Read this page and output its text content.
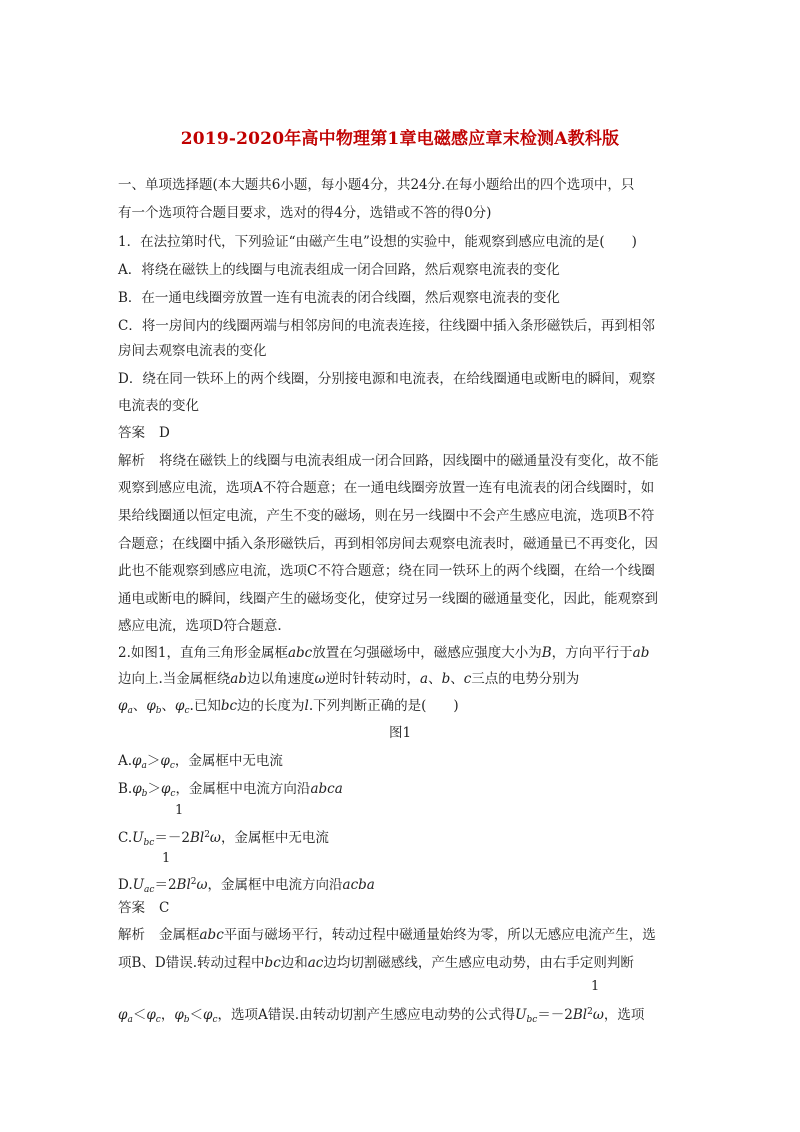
2019-2020年高中物理第1章电磁感应章末检测A教科版
一、单项选择题(本大题共6小题，每小题4分，共24分.在每小题给出的四个选项中，只
有一个选项符合题目要求，选对的得4分，选错或不答的得0分)
1．在法拉第时代，下列验证“由磁产生电”设想的实验中，能观察到感应电流的是(　　)
A．将绕在磁铁上的线圈与电流表组成一闭合回路，然后观察电流表的变化
B．在一通电线圈旁放置一连有电流表的闭合线圈，然后观察电流表的变化
C．将一房间内的线圈两端与相邻房间的电流表连接，往线圈中插入条形磁铁后，再到相邻
房间去观察电流表的变化
D．绕在同一铁环上的两个线圈，分别接电源和电流表，在给线圈通电或断电的瞬间，观察
电流表的变化
答案 D
解析 将绕在磁铁上的线圈与电流表组成一闭合回路，因线圈中的磁通量没有变化，故不能
观察到感应电流，选项A不符合题意；在一通电线圈旁放置一连有电流表的闭合线圈时，如
果给线圈通以恒定电流，产生不变的磁场，则在另一线圈中不会产生感应电流，选项B不符
合题意；在线圈中插入条形磁铁后，再到相邻房间去观察电流表时，磁通量已不再变化，因
此也不能观察到感应电流，选项C不符合题意；绕在同一铁环上的两个线圈，在给一个线圈
通电或断电的瞬间，线圈产生的磁场变化，使穿过另一线圈的磁通量变化，因此，能观察到
感应电流，选项D符合题意.
2.如图1，直角三角形金属框abc放置在匀强磁场中，磁感应强度大小为B，方向平行于ab
边向上.当金属框绕ab边以角速度ω逆时针转动时，a、b、c三点的电势分别为
$\varphi_a$、$\varphi_b$、$\varphi_c$.已知bc边的长度为l.下列判断正确的是(　　)
图1
$A.\varphi_a>\varphi_c$，金属框中无电流
$B.\varphi_b>\varphi_c$，金属框中电流方向沿abca
1
$C.U_{bc}=-2Bl^2\omega$，金属框中无电流
1
$D.U_{ac}=2Bl^2\omega$，金属框中电流方向沿acba
答案 C
解析 金属框abc平面与磁场平行，转动过程中磁通量始终为零，所以无感应电流产生，选
项B、D错误.转动过程中bc边和ac边均切割磁感线，产生感应电动势，由右手定则判断
1
$\varphi_a<\varphi_c$，$\varphi_b<\varphi_c$，选项A错误.由转动切割产生感应电动势的公式得$U_{bc}=-2Bl^2\omega$，选项
